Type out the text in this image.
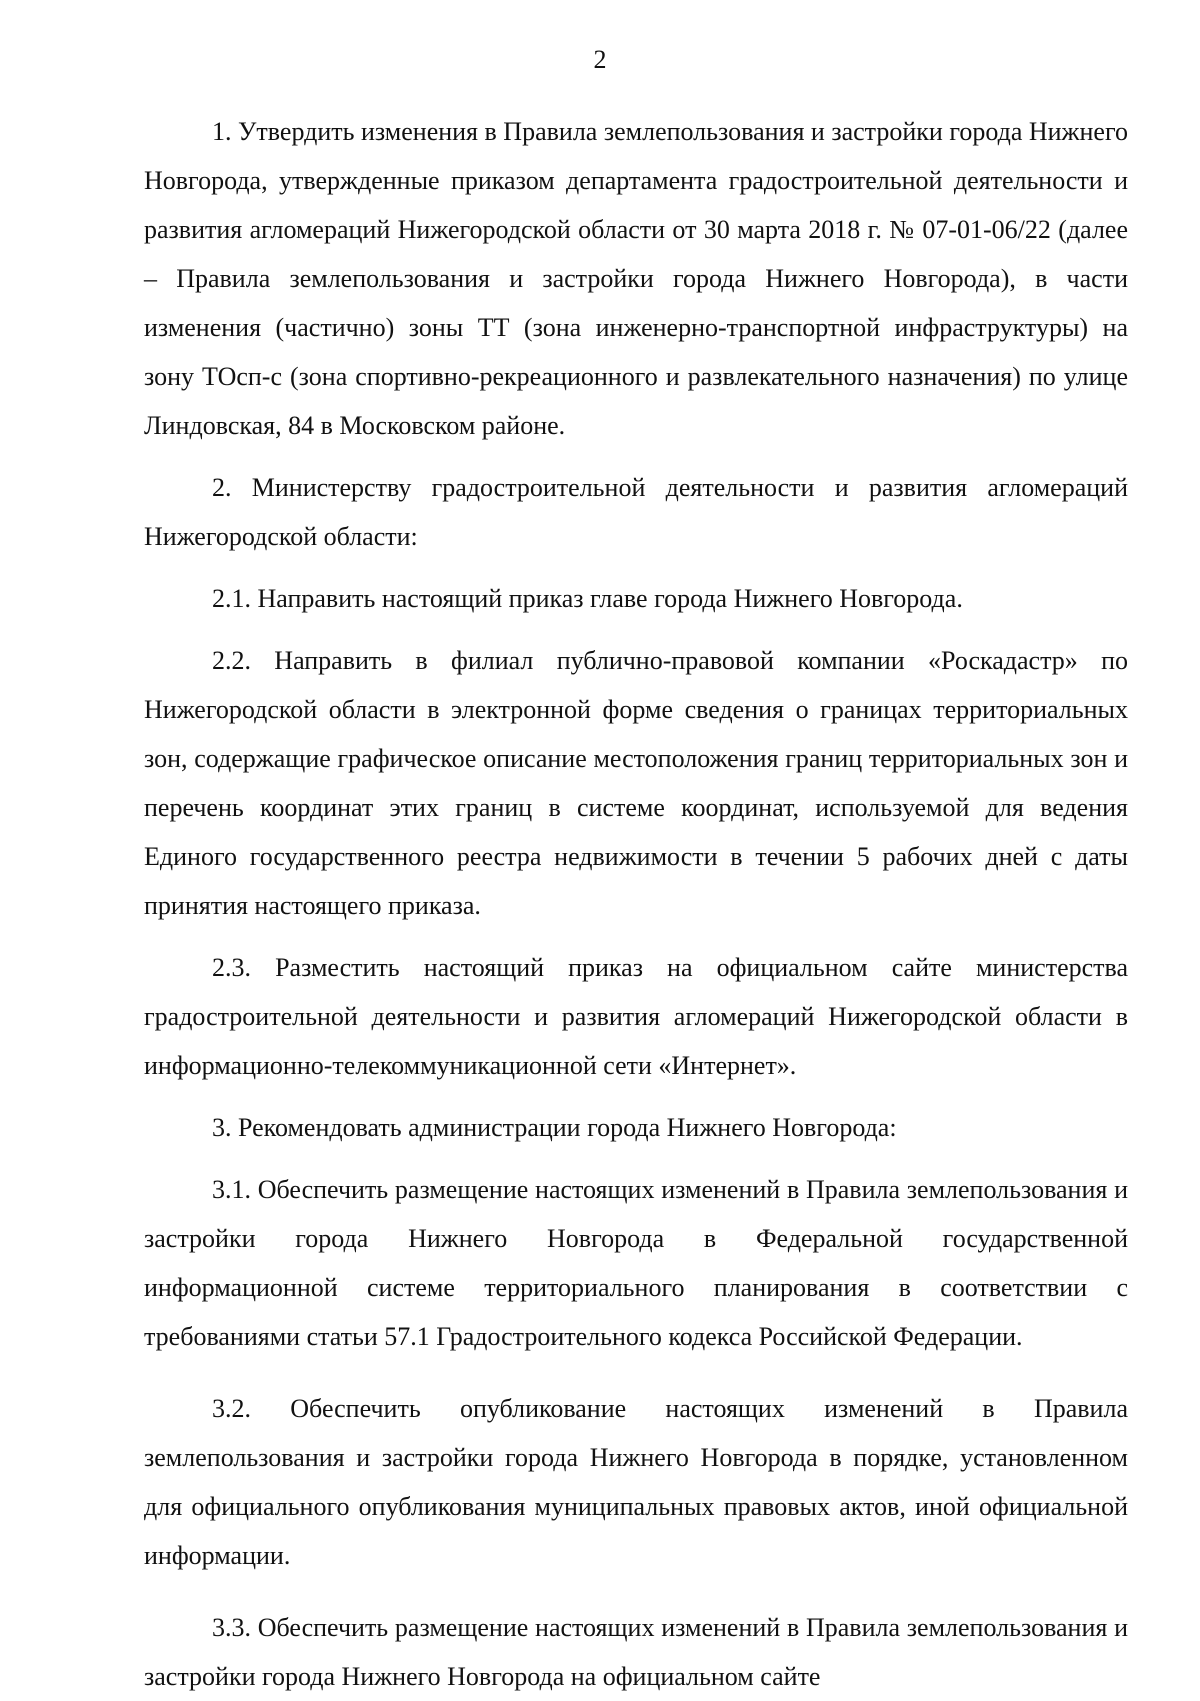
2

1. Утвердить изменения в Правила землепользования и застройки города Нижнего Новгорода, утвержденные приказом департамента градостроительной деятельности и развития агломераций Нижегородской области от 30 марта 2018 г. № 07-01-06/22 (далее – Правила землепользования и застройки города Нижнего Новгорода), в части изменения (частично) зоны ТТ (зона инженерно-транспортной инфраструктуры) на зону ТОсп-с (зона спортивно-рекреационного и развлекательного назначения) по улице Линдовская, 84 в Московском районе.

2. Министерству градостроительной деятельности и развития агломераций Нижегородской области:

2.1. Направить настоящий приказ главе города Нижнего Новгорода.

2.2. Направить в филиал публично-правовой компании «Роскадастр» по Нижегородской области в электронной форме сведения о границах территориальных зон, содержащие графическое описание местоположения границ территориальных зон и перечень координат этих границ в системе координат, используемой для ведения Единого государственного реестра недвижимости в течении 5 рабочих дней с даты принятия настоящего приказа.

2.3. Разместить настоящий приказ на официальном сайте министерства градостроительной деятельности и развития агломераций Нижегородской области в информационно-телекоммуникационной сети «Интернет».

3. Рекомендовать администрации города Нижнего Новгорода:

3.1. Обеспечить размещение настоящих изменений в Правила землепользования и застройки города Нижнего Новгорода в Федеральной государственной информационной системе территориального планирования в соответствии с требованиями статьи 57.1 Градостроительного кодекса Российской Федерации.

3.2. Обеспечить опубликование настоящих изменений в Правила землепользования и застройки города Нижнего Новгорода в порядке, установленном для официального опубликования муниципальных правовых актов, иной официальной информации.

3.3. Обеспечить размещение настоящих изменений в Правила землепользования и застройки города Нижнего Новгорода на официальном сайте
